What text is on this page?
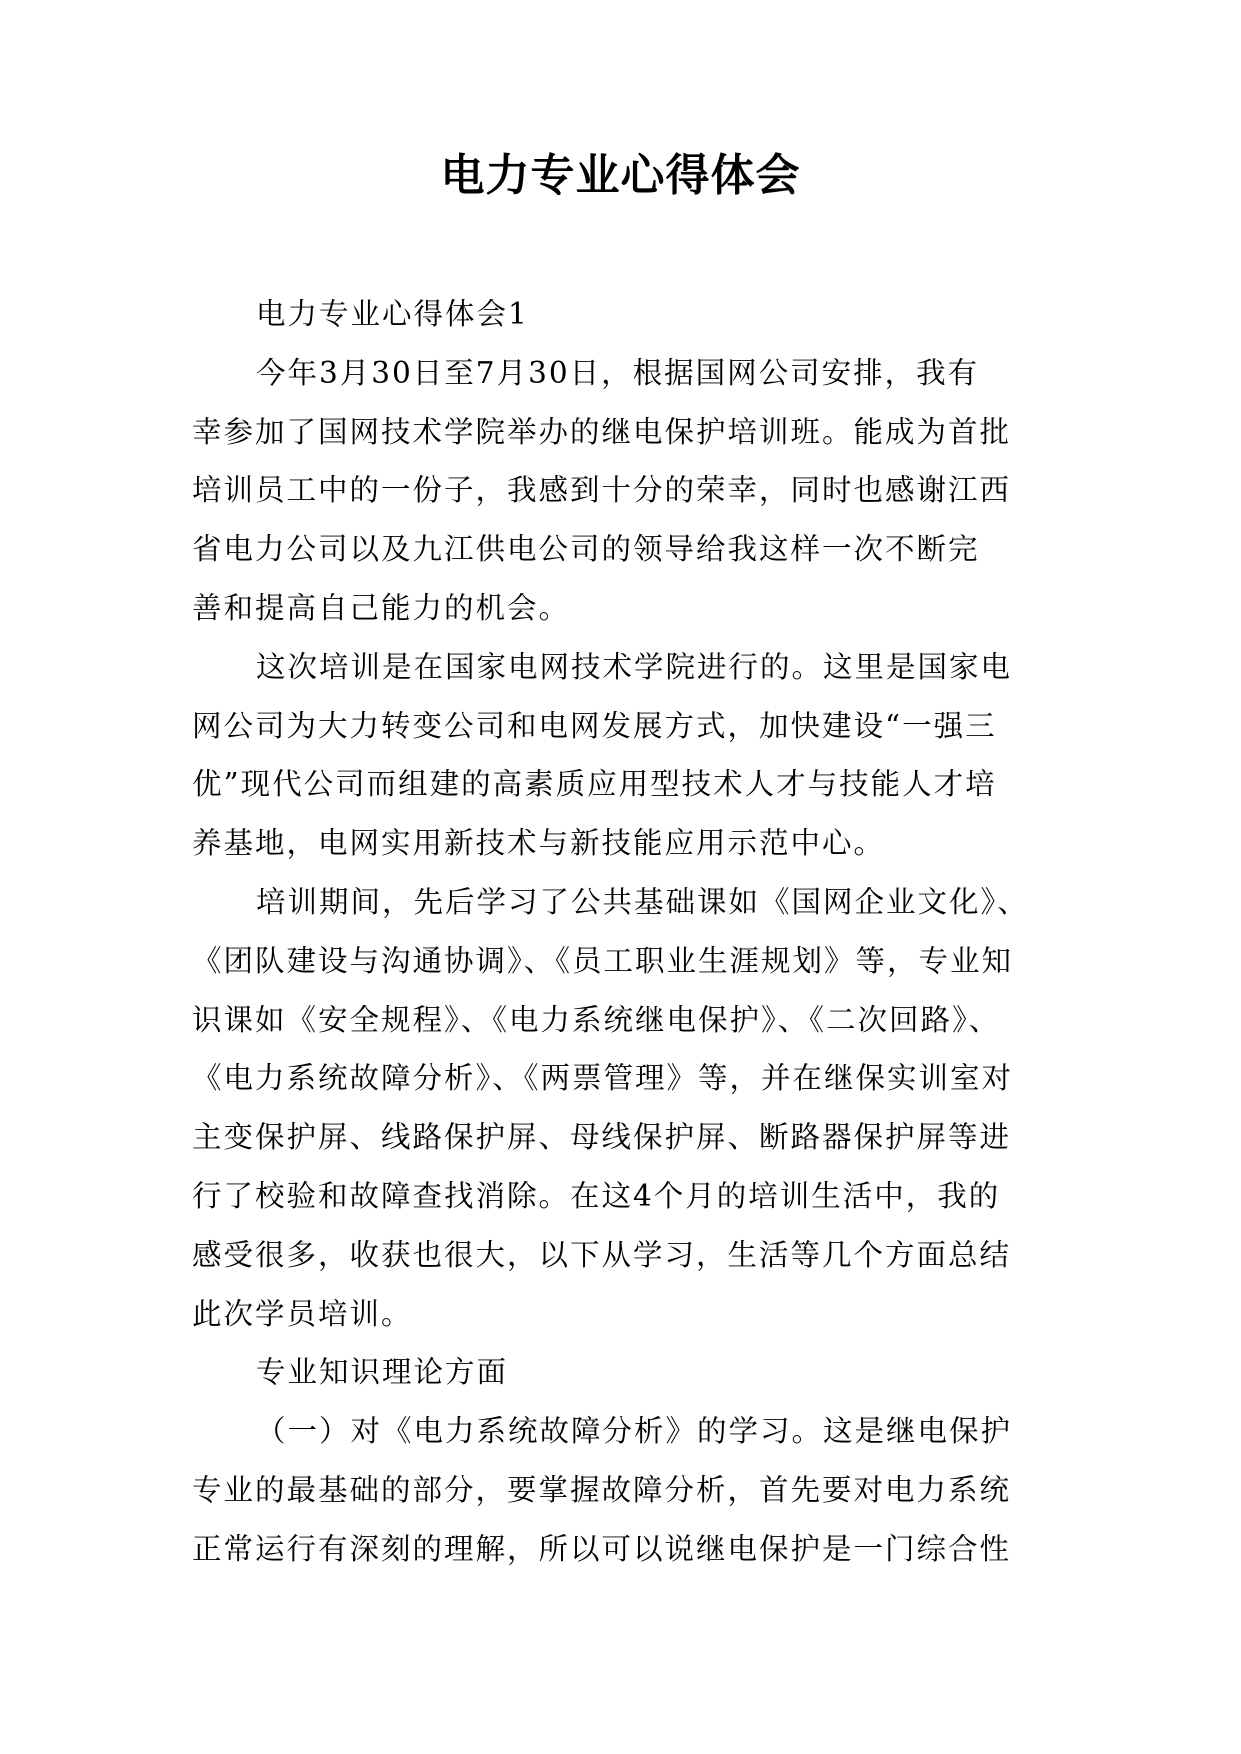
电力专业心得体会

电力专业心得体会1

今年3月30日至7月30日，根据国网公司安排，我有

幸参加了国网技术学院举办的继电保护培训班。能成为首批

培训员工中的一份子，我感到十分的荣幸，同时也感谢江西

省电力公司以及九江供电公司的领导给我这样一次不断完

善和提高自己能力的机会。

这次培训是在国家电网技术学院进行的。这里是国家电

网公司为大力转变公司和电网发展方式，加快建设“一强三

优”现代公司而组建的高素质应用型技术人才与技能人才培

养基地，电网实用新技术与新技能应用示范中心。

培训期间，先后学习了公共基础课如《国网企业文化》、

《团队建设与沟通协调》、《员工职业生涯规划》等，专业知

识课如《安全规程》、《电力系统继电保护》、《二次回路》、

《电力系统故障分析》、《两票管理》等，并在继保实训室对

主变保护屏、线路保护屏、母线保护屏、断路器保护屏等进

行了校验和故障查找消除。在这4个月的培训生活中，我的

感受很多，收获也很大，以下从学习，生活等几个方面总结

此次学员培训。

专业知识理论方面

（一）对《电力系统故障分析》的学习。这是继电保护

专业的最基础的部分，要掌握故障分析，首先要对电力系统

正常运行有深刻的理解，所以可以说继电保护是一门综合性
